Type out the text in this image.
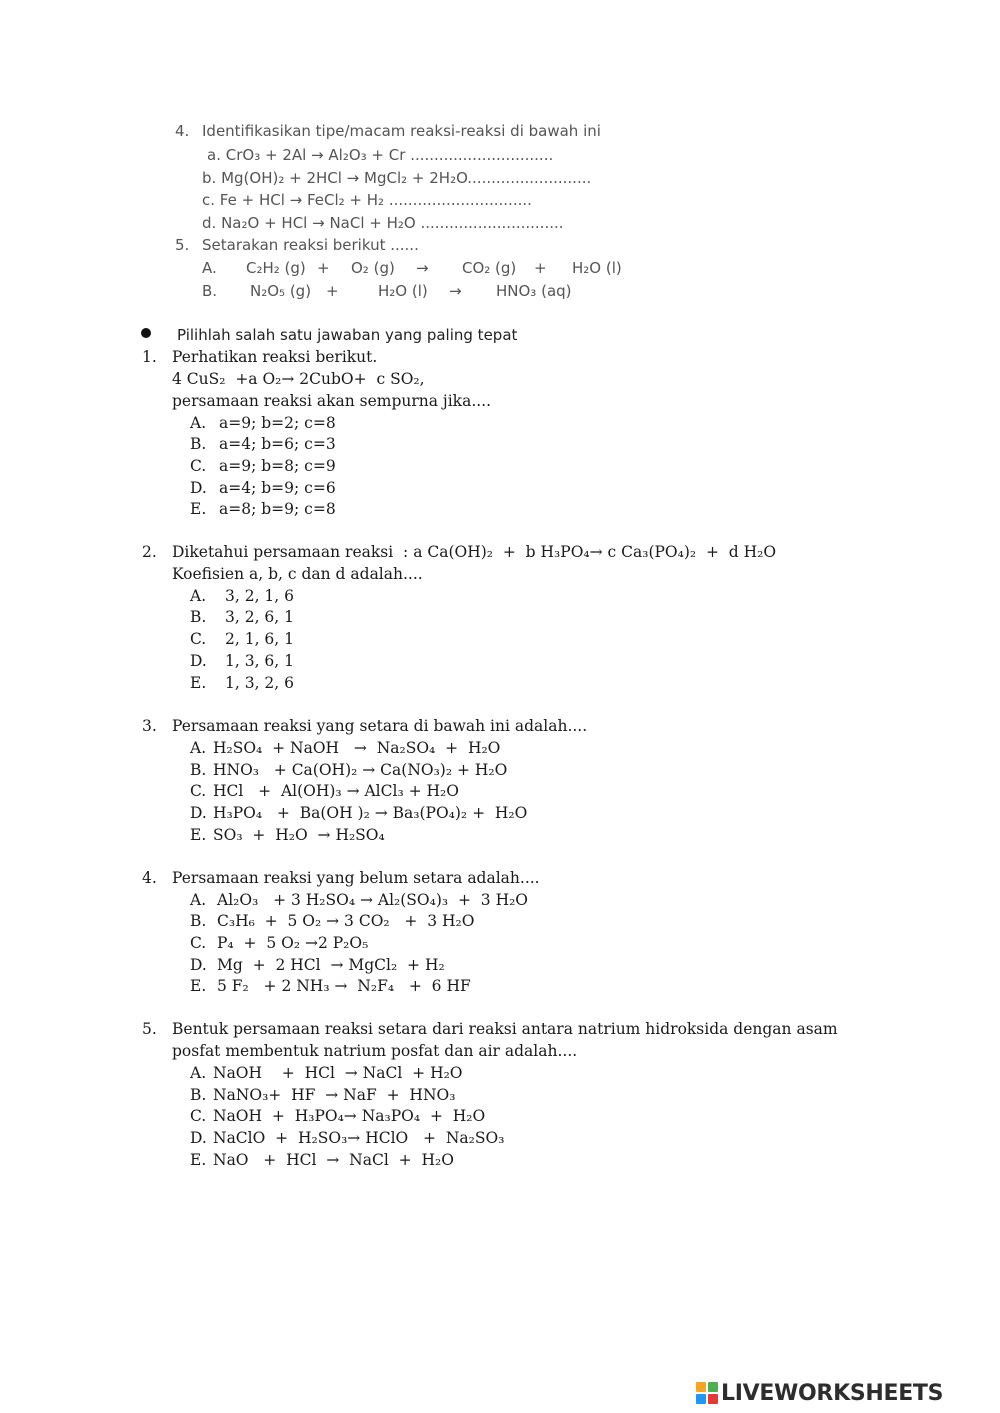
4. Identifikasikan tipe/macam reaksi-reaksi di bawah ini
a. CrO₃ + 2Al → Al₂O₃ + Cr ..............................
b. Mg(OH)₂ + 2HCl → MgCl₂ + 2H₂O..........................
c. Fe + HCl → FeCl₂ + H₂ ..............................
d. Na₂O + HCl → NaCl + H₂O ..............................
5. Setarakan reaksi berikut ......
A. C₂H₂ (g) + O₂ (g) → CO₂ (g) + H₂O (l)
B. N₂O₅ (g) +	H₂O (l) → HNO₃ (aq)
Pilihlah salah satu jawaban yang paling tepat
1. Perhatikan reaksi berikut.
4 CuS₂  +a O₂→ 2CubO+  c SO₂,
persamaan reaksi akan sempurna jika....
A. a=9; b=2; c=8
B. a=4; b=6; c=3
C. a=9; b=8; c=9
D. a=4; b=9; c=6
E. a=8; b=9; c=8
2. Diketahui persamaan reaksi  : a Ca(OH)₂  +  b H₃PO₄→ c Ca₃(PO₄)₂  +  d H₂O
Koefisien a, b, c dan d adalah....
A. 3, 2, 1, 6
B. 3, 2, 6, 1
C. 2, 1, 6, 1
D. 1, 3, 6, 1
E. 1, 3, 2, 6
3. Persamaan reaksi yang setara di bawah ini adalah....
A. H₂SO₄  + NaOH   →  Na₂SO₄  +  H₂O
B. HNO₃   + Ca(OH)₂ → Ca(NO₃)₂ + H₂O
C. HCl   +  Al(OH)₃ → AlCl₃ + H₂O
D. H₃PO₄   +  Ba(OH )₂ → Ba₃(PO₄)₂ +  H₂O
E. SO₃  +  H₂O  → H₂SO₄
4. Persamaan reaksi yang belum setara adalah....
A. Al₂O₃   + 3 H₂SO₄ → Al₂(SO₄)₃  +  3 H₂O
B. C₃H₆  +  5 O₂ → 3 CO₂   +  3 H₂O
C. P₄  +  5 O₂ →2 P₂O₅
D. Mg  +  2 HCl  → MgCl₂  + H₂
E. 5 F₂   + 2 NH₃ →  N₂F₄   +  6 HF
5. Bentuk persamaan reaksi setara dari reaksi antara natrium hidroksida dengan asam
posfat membentuk natrium posfat dan air adalah....
A. NaOH    +  HCl  → NaCl  + H₂O
B. NaNO₃+  HF  → NaF  +  HNO₃
C. NaOH  +  H₃PO₄→ Na₃PO₄  +  H₂O
D. NaClO  +  H₂SO₃→ HClO   +  Na₂SO₃
E. NaO   +  HCl  →  NaCl  +  H₂O
LIVEWORKSHEETS
